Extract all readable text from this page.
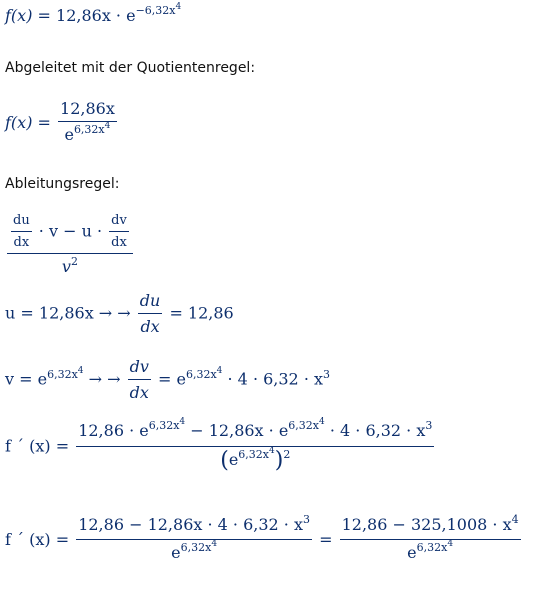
$f(x) = 12,86x \cdot e^{-6,32x^4}$
Abgeleitet mit der Quotientenregel:
$f(x) = \frac{12,86x}{e^{6,32x^4}}$
Ableitungsregel:
$\frac{du}{dx} \cdot v - u \cdot \frac{dv}{dx}$
$v^2$
u = 12,86x → → $\frac{du}{dx} = 12,86$
$v = e^{6,32x^4}$ → → $\frac{dv}{dx} = e^{6,32x^4} \cdot 4 \cdot 6,32 \cdot x^3$
f ´ (x) =
$12,86 \cdot e^{6,32x^4} - 12,86x \cdot e^{6,32x^4} \cdot 4 \cdot 6,32 \cdot x^3$
$(e^{6,32x^4})^2$
f ´ $(x) = \frac{12,86 - 12,86x \cdot 4 \cdot 6,32 \cdot x^3}{e^{6,32x^4}} = \frac{12,86 - 325,1008 \cdot x^4}{e^{6,32x^4}}$
